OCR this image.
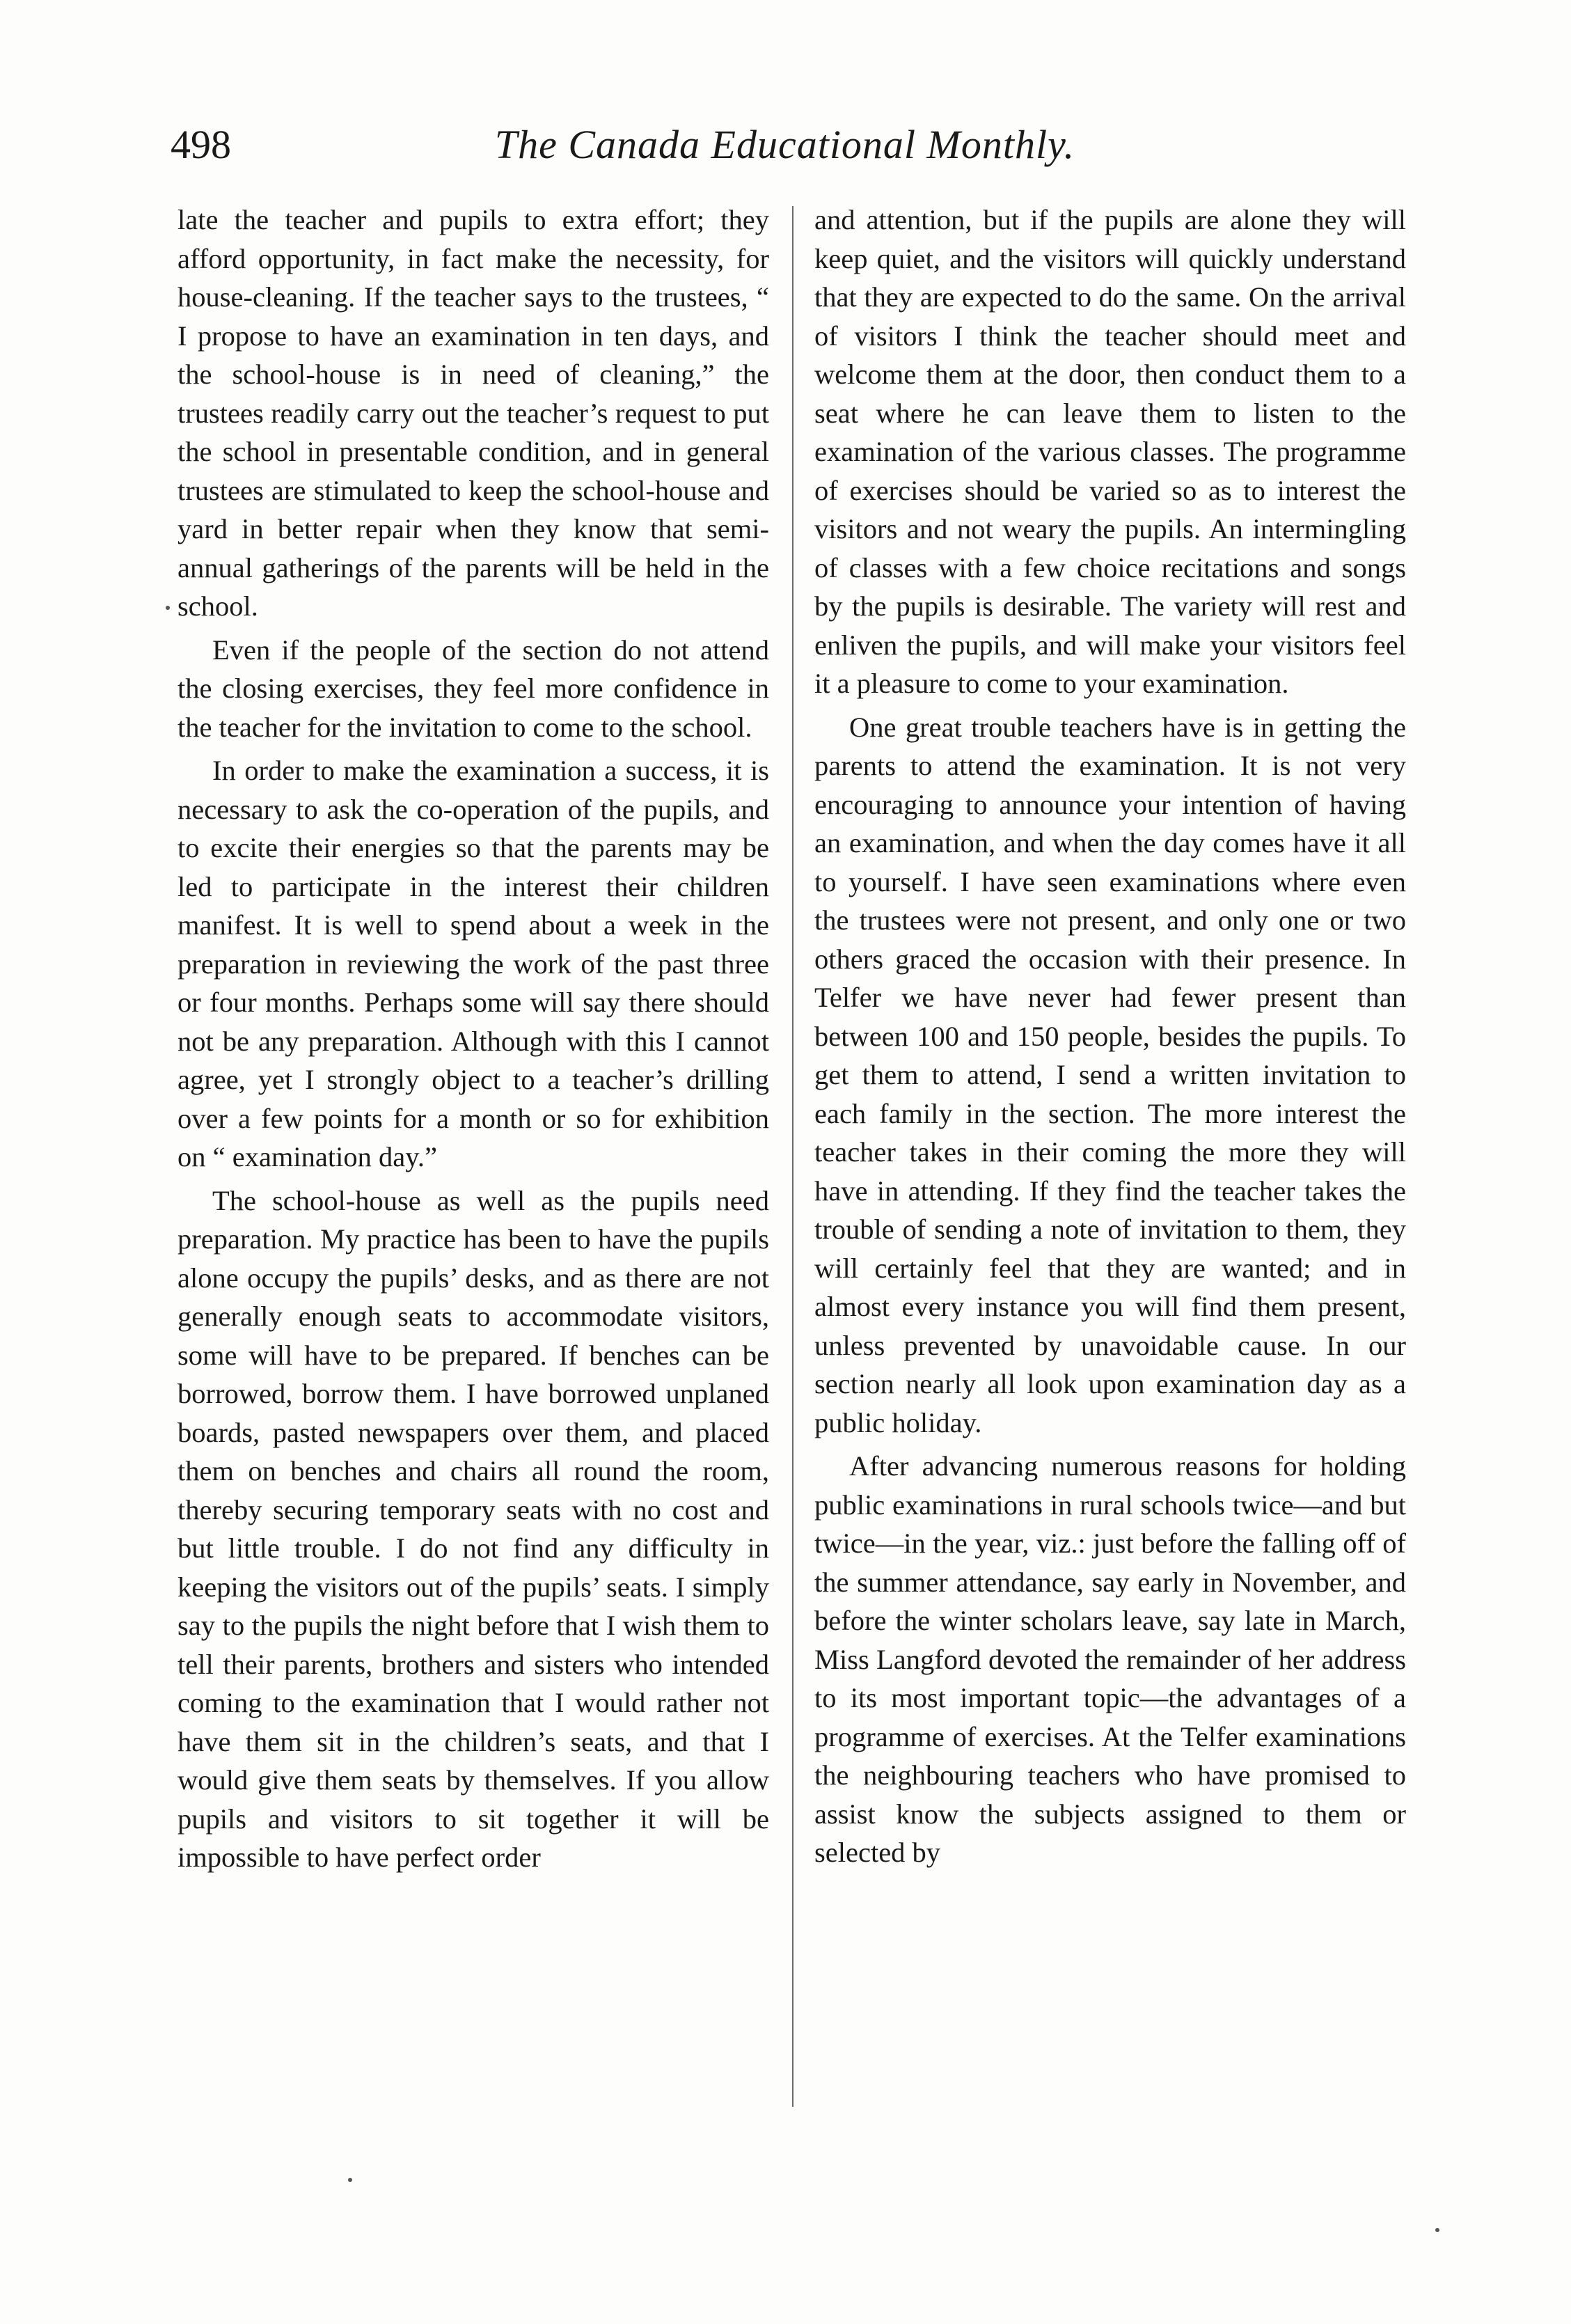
498	The Canada Educational Monthly.

late the teacher and pupils to extra effort; they afford opportunity, in fact make the necessity, for house-cleaning. If the teacher says to the trustees, “ I propose to have an examination in ten days, and the school-house is in need of cleaning,” the trustees readily carry out the teacher’s request to put the school in presentable condition, and in general trustees are stimulated to keep the school-house and yard in better repair when they know that semi-annual gatherings of the parents will be held in the school.

Even if the people of the section do not attend the closing exercises, they feel more confidence in the teacher for the invitation to come to the school.

In order to make the examination a success, it is necessary to ask the co-operation of the pupils, and to excite their energies so that the parents may be led to participate in the interest their children manifest. It is well to spend about a week in the preparation in reviewing the work of the past three or four months. Perhaps some will say there should not be any preparation. Although with this I cannot agree, yet I strongly object to a teacher’s drilling over a few points for a month or so for exhibition on “ examination day.”

The school-house as well as the pupils need preparation. My practice has been to have the pupils alone occupy the pupils’ desks, and as there are not generally enough seats to accommodate visitors, some will have to be prepared. If benches can be borrowed, borrow them. I have borrowed unplaned boards, pasted newspapers over them, and placed them on benches and chairs all round the room, thereby securing temporary seats with no cost and but little trouble. I do not find any difficulty in keeping the visitors out of the pupils’ seats. I simply say to the pupils the night before that I wish them to tell their parents, brothers and sisters who intended coming to the examination that I would rather not have them sit in the children’s seats, and that I would give them seats by themselves. If you allow pupils and visitors to sit together it will be impossible to have perfect order

and attention, but if the pupils are alone they will keep quiet, and the visitors will quickly understand that they are expected to do the same. On the arrival of visitors I think the teacher should meet and welcome them at the door, then conduct them to a seat where he can leave them to listen to the examination of the various classes. The programme of exercises should be varied so as to interest the visitors and not weary the pupils. An intermingling of classes with a few choice recitations and songs by the pupils is desirable. The variety will rest and enliven the pupils, and will make your visitors feel it a pleasure to come to your examination.

One great trouble teachers have is in getting the parents to attend the examination. It is not very encouraging to announce your intention of having an examination, and when the day comes have it all to yourself. I have seen examinations where even the trustees were not present, and only one or two others graced the occasion with their presence. In Telfer we have never had fewer present than between 100 and 150 people, besides the pupils. To get them to attend, I send a written invitation to each family in the section. The more interest the teacher takes in their coming the more they will have in attending. If they find the teacher takes the trouble of sending a note of invitation to them, they will certainly feel that they are wanted; and in almost every instance you will find them present, unless prevented by unavoidable cause. In our section nearly all look upon examination day as a public holiday.

After advancing numerous reasons for holding public examinations in rural schools twice—and but twice—in the year, viz.: just before the falling off of the summer attendance, say early in November, and before the winter scholars leave, say late in March, Miss Langford devoted the remainder of her address to its most important topic—the advantages of a programme of exercises. At the Telfer examinations the neighbouring teachers who have promised to assist know the subjects assigned to them or selected by
